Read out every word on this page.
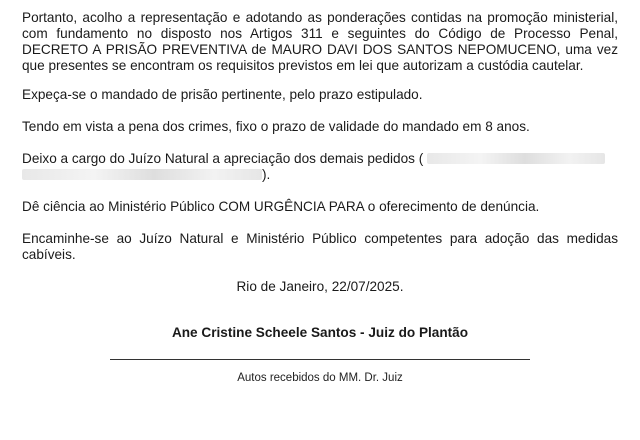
Portanto, acolho a representação e adotando as ponderações contidas na promoção ministerial, com fundamento no disposto nos Artigos 311 e seguintes do Código de Processo Penal, DECRETO A PRISÃO PREVENTIVA de MAURO DAVI DOS SANTOS NEPOMUCENO, uma vez que presentes se encontram os requisitos previstos em lei que autorizam a custódia cautelar.

Expeça-se o mandado de prisão pertinente, pelo prazo estipulado.

Tendo em vista a pena dos crimes, fixo o prazo de validade do mandado em 8 anos.

Deixo a cargo do Juízo Natural a apreciação dos demais pedidos (
).

Dê ciência ao Ministério Público COM URGÊNCIA PARA o oferecimento de denúncia.

Encaminhe-se ao Juízo Natural e Ministério Público competentes para adoção das medidas cabíveis.

Rio de Janeiro, 22/07/2025.
Ane Cristine Scheele Santos - Juiz do Plantão
Autos recebidos do MM. Dr. Juiz
